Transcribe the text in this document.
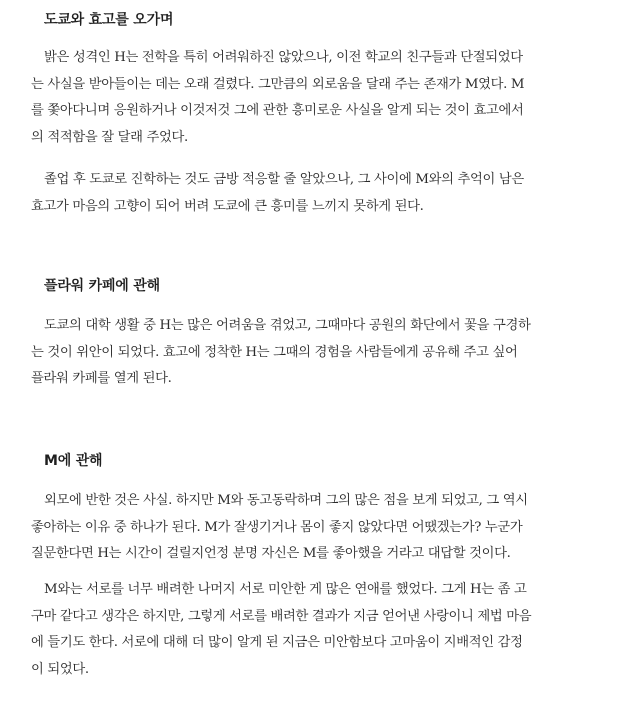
도쿄와 효고를 오가며

밝은 성격인 H는 전학을 특히 어려워하진 않았으나, 이전 학교의 친구들과 단절되었다
는 사실을 받아들이는 데는 오래 걸렸다. 그만큼의 외로움을 달래 주는 존재가 M였다. M
를 쫓아다니며 응원하거나 이것저것 그에 관한 흥미로운 사실을 알게 되는 것이 효고에서
의 적적함을 잘 달래 주었다.

졸업 후 도쿄로 진학하는 것도 금방 적응할 줄 알았으나, 그 사이에 M와의 추억이 남은
효고가 마음의 고향이 되어 버려 도쿄에 큰 흥미를 느끼지 못하게 된다.

플라워 카페에 관해

도쿄의 대학 생활 중 H는 많은 어려움을 겪었고, 그때마다 공원의 화단에서 꽃을 구경하
는 것이 위안이 되었다. 효고에 정착한 H는 그때의 경험을 사람들에게 공유해 주고 싶어
플라워 카페를 열게 된다.

M에 관해

외모에 반한 것은 사실. 하지만 M와 동고동락하며 그의 많은 점을 보게 되었고, 그 역시
좋아하는 이유 중 하나가 된다. M가 잘생기거나 몸이 좋지 않았다면 어땠겠는가? 누군가
질문한다면 H는 시간이 걸릴지언정 분명 자신은 M를 좋아했을 거라고 대답할 것이다.

M와는 서로를 너무 배려한 나머지 서로 미안한 게 많은 연애를 했었다. 그게 H는 좀 고
구마 같다고 생각은 하지만, 그렇게 서로를 배려한 결과가 지금 얻어낸 사랑이니 제법 마음
에 들기도 한다. 서로에 대해 더 많이 알게 된 지금은 미안함보다 고마움이 지배적인 감정
이 되었다.
